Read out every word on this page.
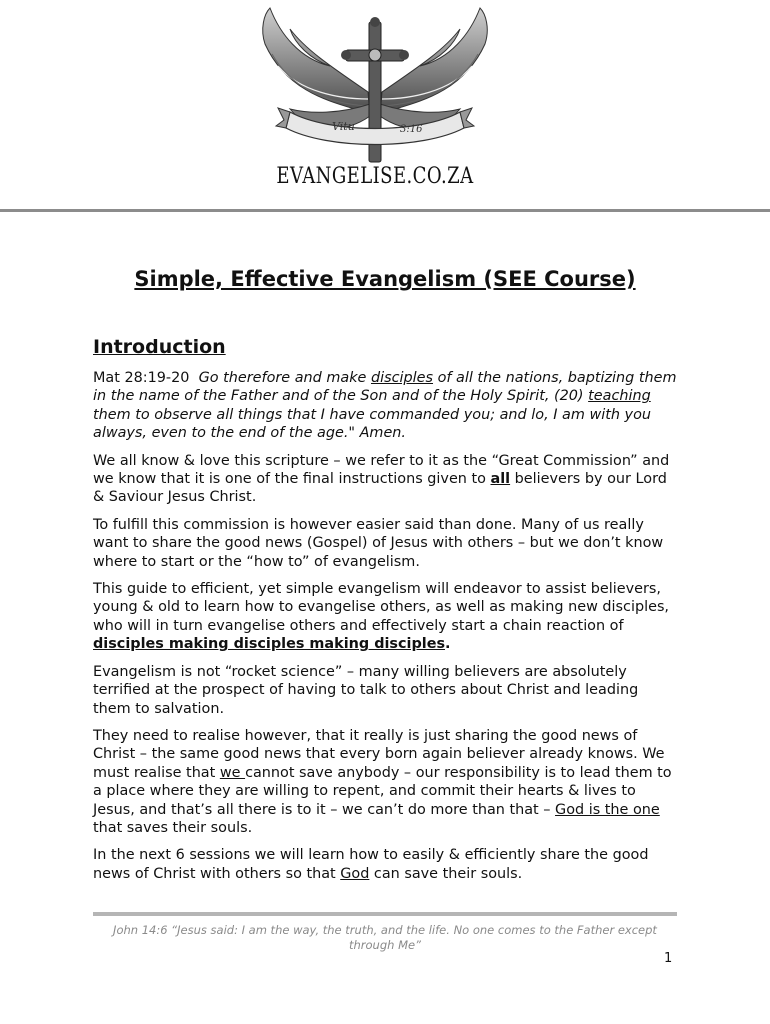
Vitu	3:16
EVANGELISE.CO.ZA
Simple, Effective Evangelism (SEE Course)
Introduction

Mat 28:19-20 Go therefore and make disciples of all the nations, baptizing them in the name of the Father and of the Son and of the Holy Spirit, (20) teaching them to observe all things that I have commanded you; and lo, I am with you always, even to the end of the age." Amen.

We all know & love this scripture – we refer to it as the “Great Commission” and we know that it is one of the final instructions given to all believers by our Lord & Saviour Jesus Christ.

To fulfill this commission is however easier said than done. Many of us really want to share the good news (Gospel) of Jesus with others – but we don’t know where to start or the “how to” of evangelism.

This guide to efficient, yet simple evangelism will endeavor to assist believers, young & old to learn how to evangelise others, as well as making new disciples, who will in turn evangelise others and effectively start a chain reaction of disciples making disciples making disciples.

Evangelism is not “rocket science” – many willing believers are absolutely terrified at the prospect of having to talk to others about Christ and leading them to salvation.

They need to realise however, that it really is just sharing the good news of Christ – the same good news that every born again believer already knows. We must realise that we cannot save anybody – our responsibility is to lead them to a place where they are willing to repent, and commit their hearts & lives to Jesus, and that’s all there is to it – we can’t do more than that – God is the one that saves their souls.

In the next 6 sessions we will learn how to easily & efficiently share the good news of Christ with others so that God can save their souls.

John 14:6 “Jesus said: I am the way, the truth, and the life. No one comes to the Father except through Me”
1
